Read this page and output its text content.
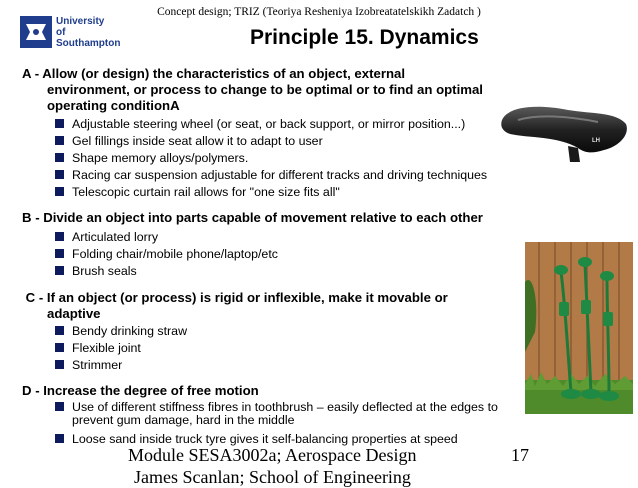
Concept design; TRIZ (Teoriya Resheniya Izobreatatelskikh Zadatch )
University
of Southampton	Principle 15. Dynamics
A - Allow (or design) the characteristics of an object, external
environment, or process to change to be optimal or to find an optimal
operating conditionA
Adjustable steering wheel (or seat, or back support, or mirror position...)
Gel fillings inside seat allow it to adapt to user
Shape memory alloys/polymers.
Racing car suspension adjustable for different tracks and driving techniques
Telescopic curtain rail allows for "one size fits all"
LH
B - Divide an object into parts capable of movement relative to each other
Articulated lorry
Folding chair/mobile phone/laptop/etc
Brush seals
C - If an object (or process) is rigid or inflexible, make it movable or
adaptive
Bendy drinking straw
Flexible joint
Strimmer
D - Increase the degree of free motion
Use of different stiffness fibres in toothbrush – easily deflected at the edges to
prevent gum damage, hard in the middle
Loose sand inside truck tyre gives it self-balancing properties at speed
Module SESA3002a; Aerospace Design	17
James Scanlan; School of Engineering
